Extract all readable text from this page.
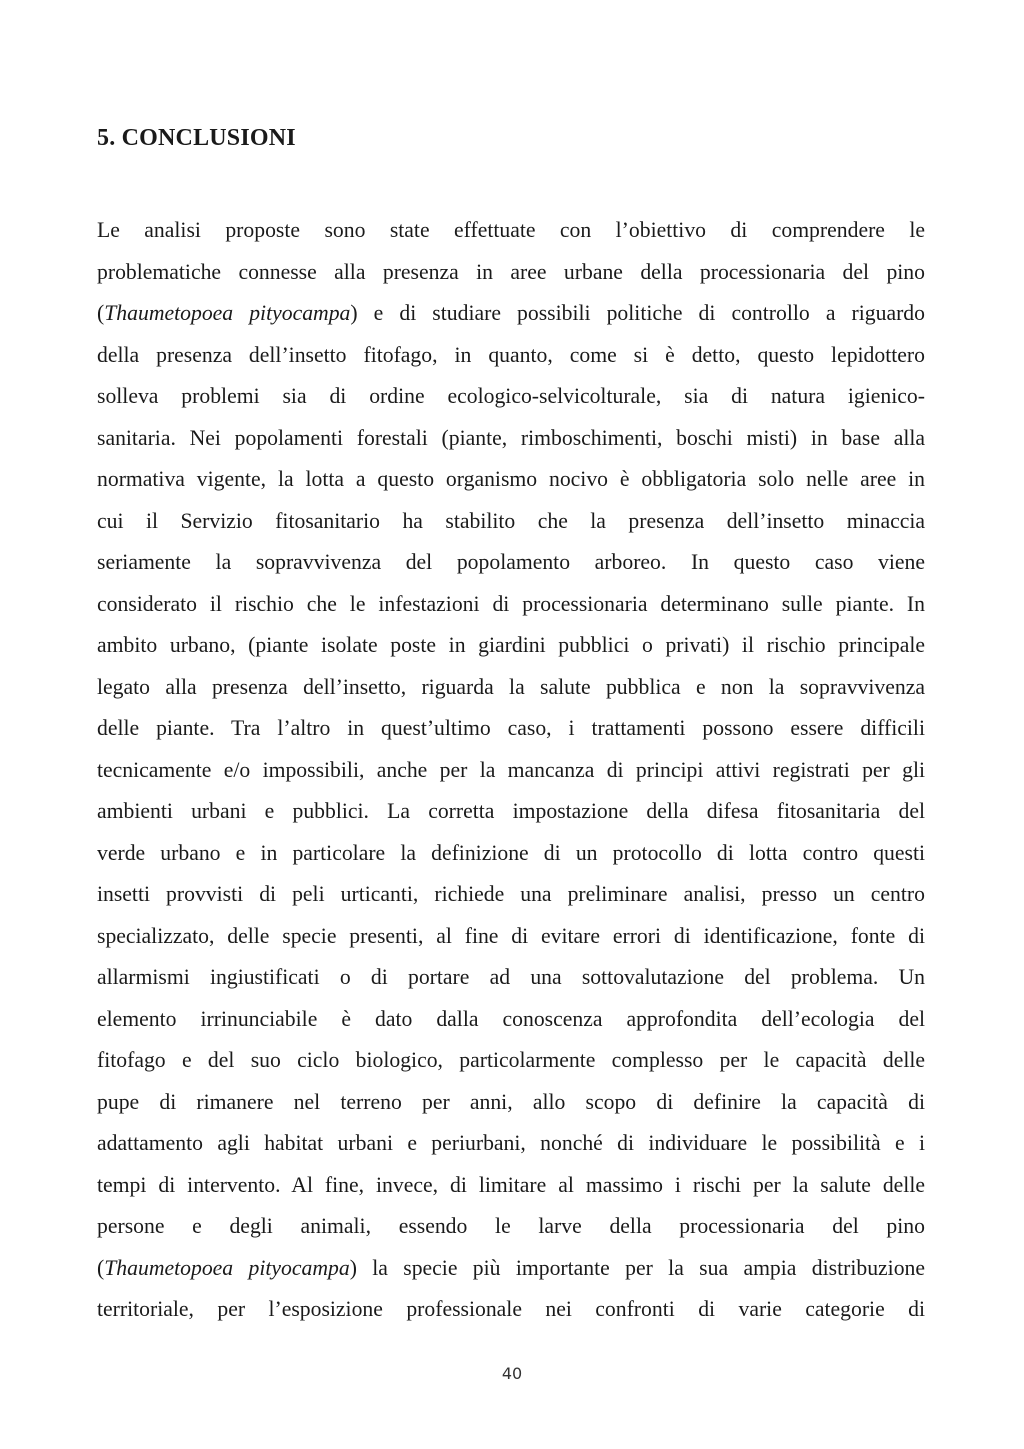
5. CONCLUSIONI
Le analisi proposte sono state effettuate con l’obiettivo di comprendere le
problematiche connesse alla presenza in aree urbane della processionaria del pino
(Thaumetopoea pityocampa) e di studiare possibili politiche di controllo a riguardo
della presenza dell’insetto fitofago, in quanto, come si è detto, questo lepidottero
solleva problemi sia di ordine ecologico-selvicolturale, sia di natura igienico-
sanitaria. Nei popolamenti forestali (piante, rimboschimenti, boschi misti) in base alla
normativa vigente, la lotta a questo organismo nocivo è obbligatoria solo nelle aree in
cui il Servizio fitosanitario ha stabilito che la presenza dell’insetto minaccia
seriamente la sopravvivenza del popolamento arboreo. In questo caso viene
considerato il rischio che le infestazioni di processionaria determinano sulle piante. In
ambito urbano, (piante isolate poste in giardini pubblici o privati) il rischio principale
legato alla presenza dell’insetto, riguarda la salute pubblica e non la sopravvivenza
delle piante. Tra l’altro in quest’ultimo caso, i trattamenti possono essere difficili
tecnicamente e/o impossibili, anche per la mancanza di principi attivi registrati per gli
ambienti urbani e pubblici. La corretta impostazione della difesa fitosanitaria del
verde urbano e in particolare la definizione di un protocollo di lotta contro questi
insetti provvisti di peli urticanti, richiede una preliminare analisi, presso un centro
specializzato, delle specie presenti, al fine di evitare errori di identificazione, fonte di
allarmismi ingiustificati o di portare ad una sottovalutazione del problema. Un
elemento irrinunciabile è dato dalla conoscenza approfondita dell’ecologia del
fitofago e del suo ciclo biologico, particolarmente complesso per le capacità delle
pupe di rimanere nel terreno per anni, allo scopo di definire la capacità di
adattamento agli habitat urbani e periurbani, nonché di individuare le possibilità e i
tempi di intervento. Al fine, invece, di limitare al massimo i rischi per la salute delle
persone e degli animali, essendo le larve della processionaria del pino
(Thaumetopoea pityocampa) la specie più importante per la sua ampia distribuzione
territoriale, per l’esposizione professionale nei confronti di varie categorie di
40
